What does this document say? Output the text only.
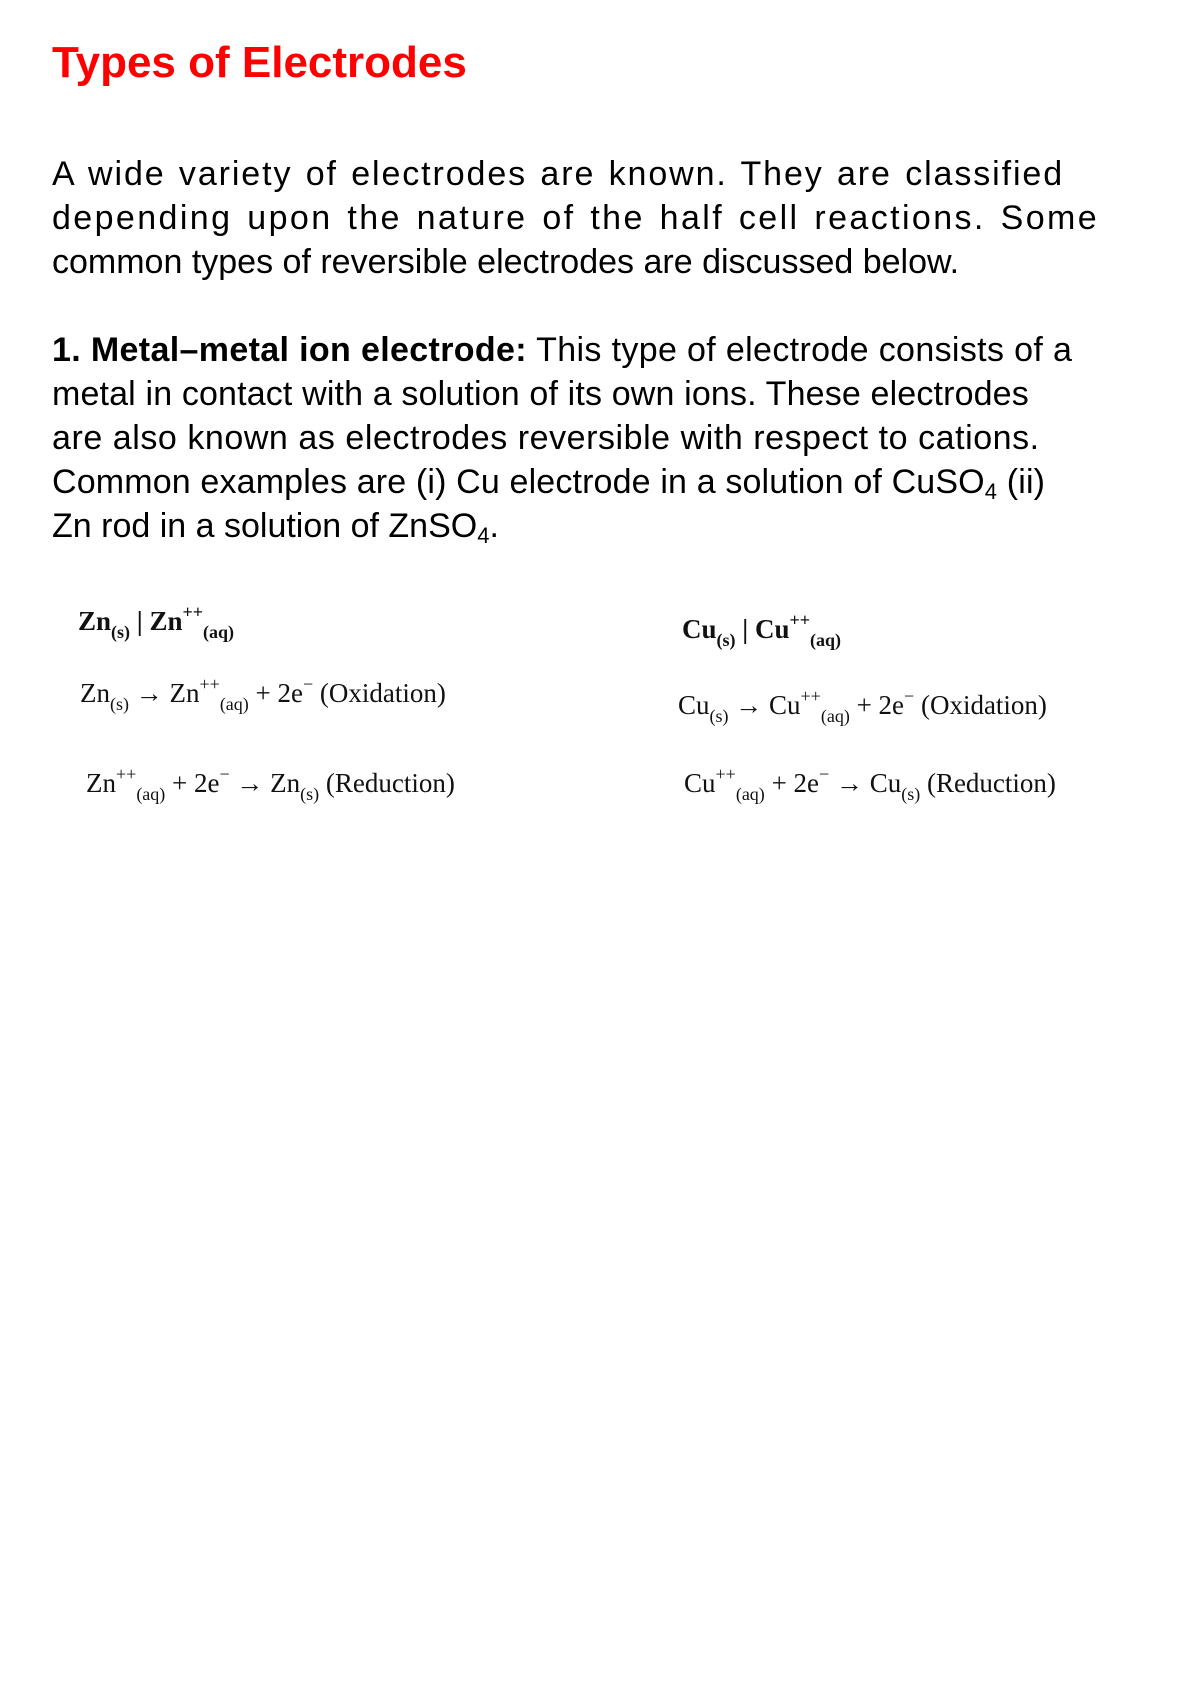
Types of Electrodes
A wide variety of electrodes are known. They are classified
depending upon the nature of the half cell reactions. Some
common types of reversible electrodes are discussed below.
1. Metal–metal ion electrode: This type of electrode consists of a
metal in contact with a solution of its own ions. These electrodes
are also known as electrodes reversible with respect to cations.
Common examples are (i) Cu electrode in a solution of CuSO$_4$ (ii)
Zn rod in a solution of ZnSO$_4$.
$Zn_{(s)}$ | $Zn^{++}_{(aq)}$
$Zn_{(s)} \to Zn^{++}_{(aq)} + 2e^-$ (Oxidation)
$Zn^{++}_{(aq)} + 2e^- \to Zn_{(s)}$ (Reduction)
$Cu_{(s)}$ | $Cu^{++}_{(aq)}$
$Cu_{(s)} \to Cu^{++}_{(aq)} + 2e^-$ (Oxidation)
$Cu^{++}_{(aq)} + 2e^- \to Cu_{(s)}$ (Reduction)
